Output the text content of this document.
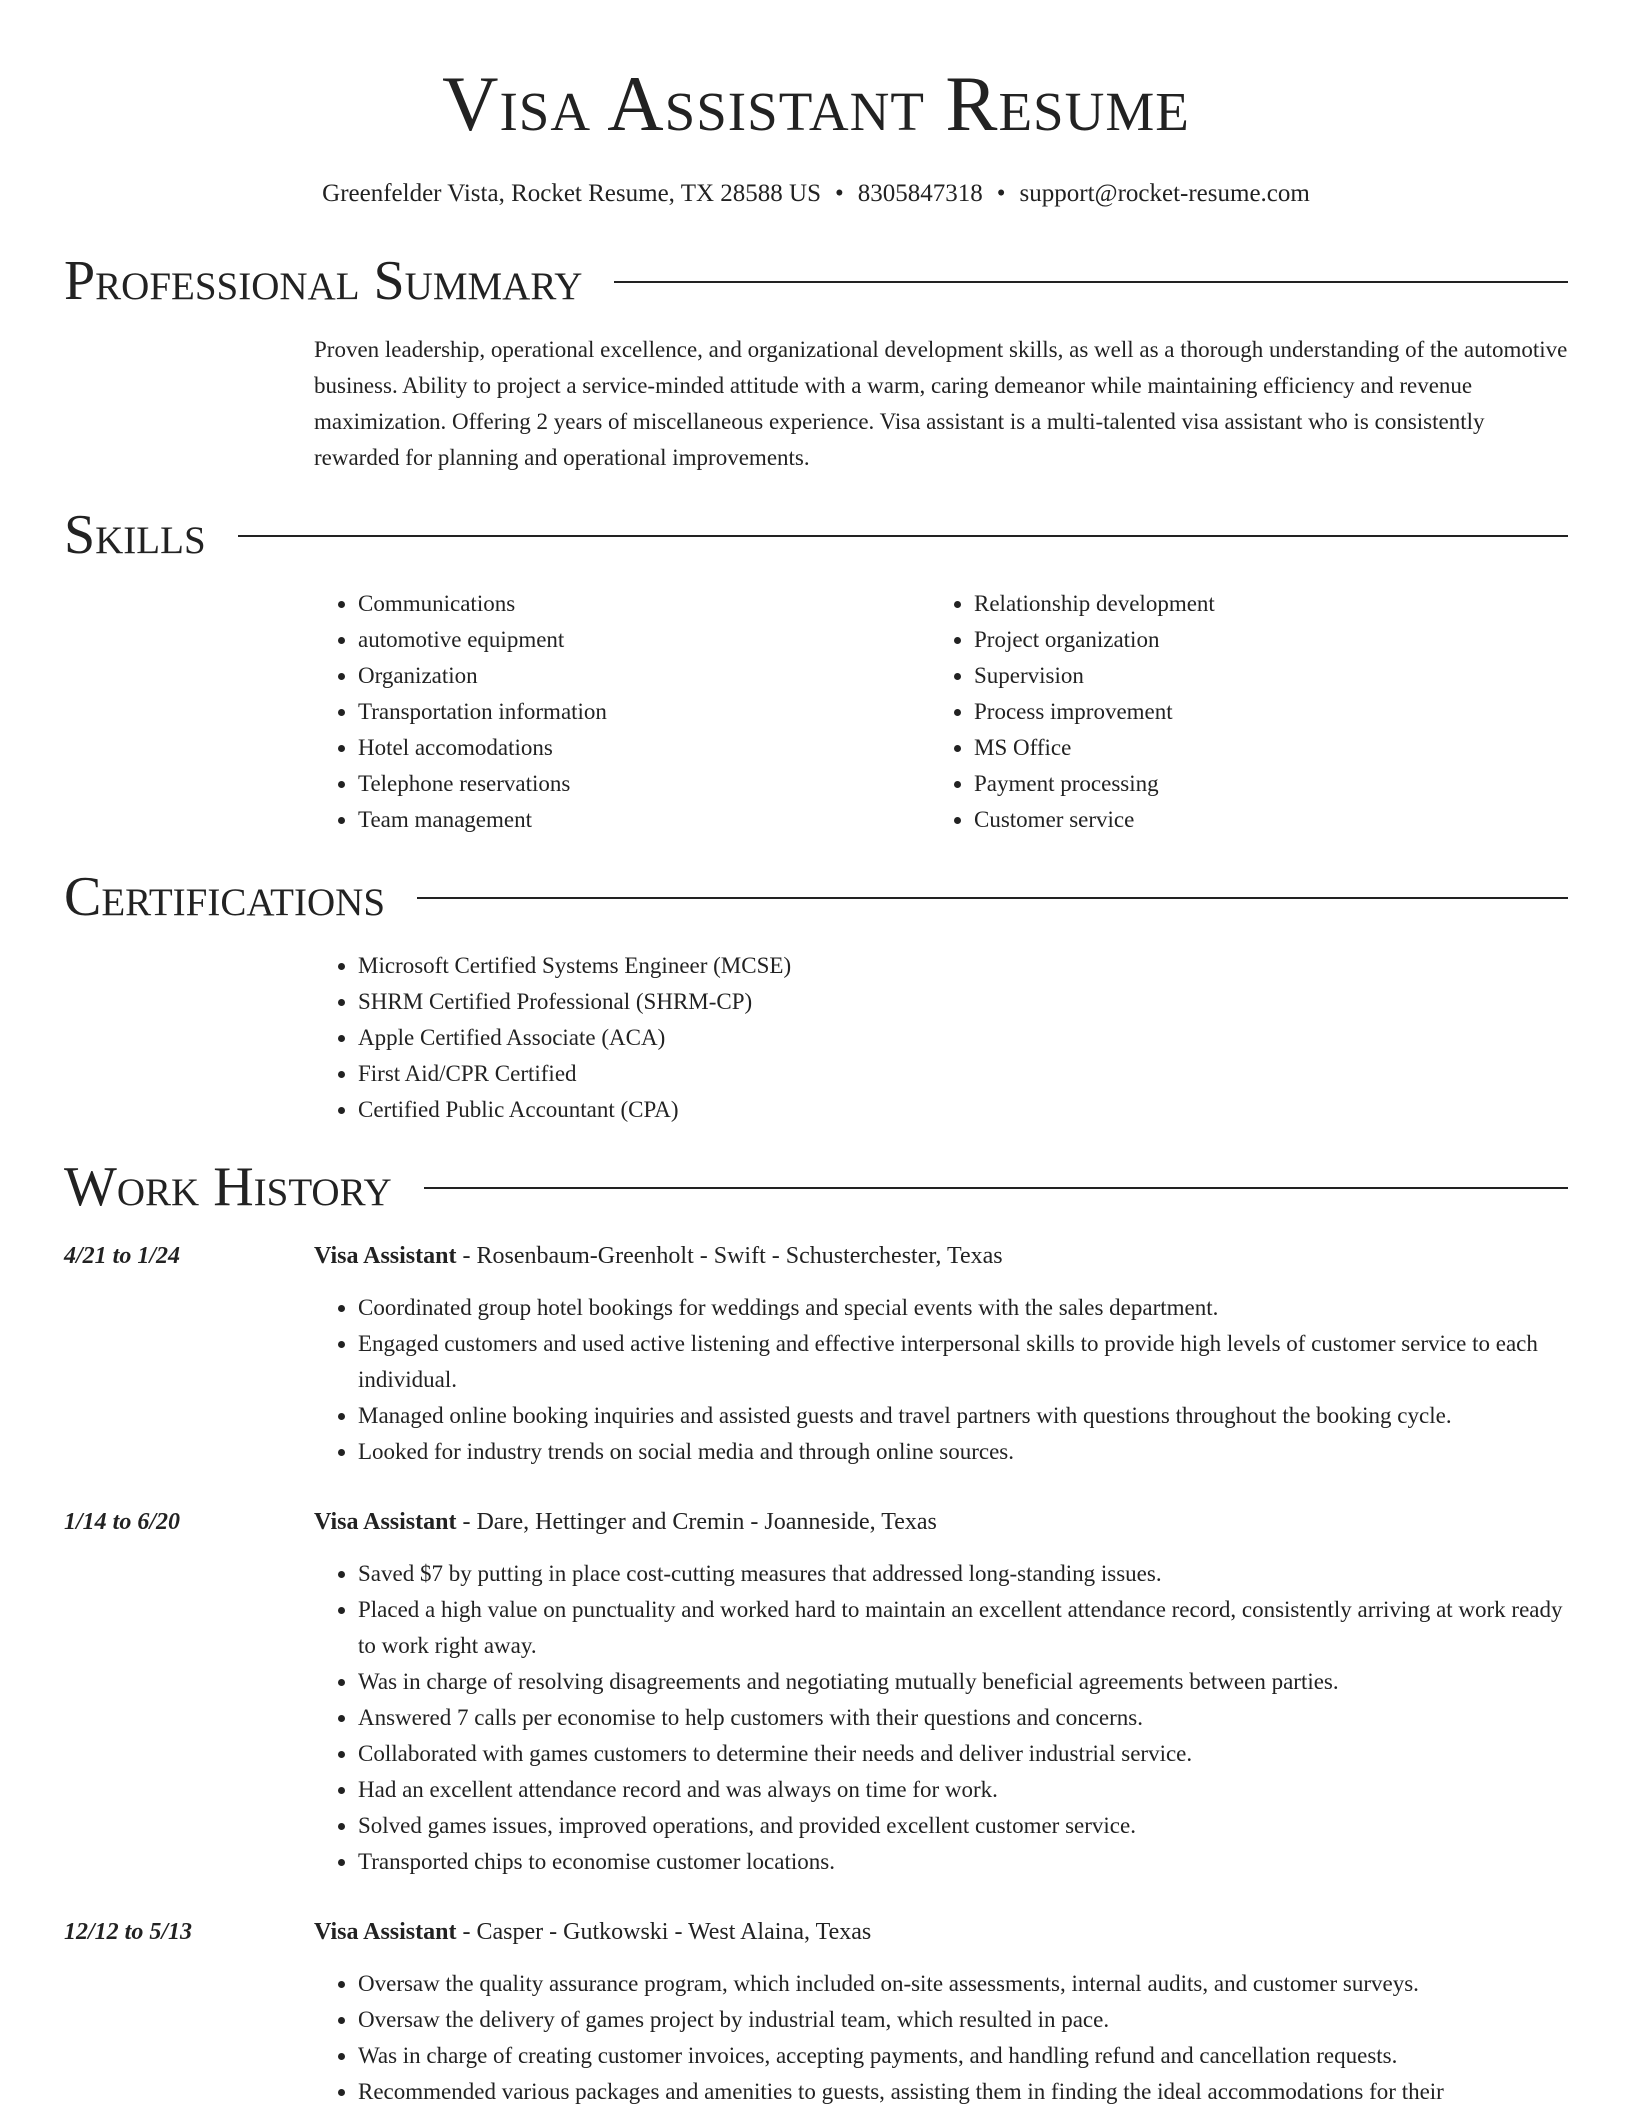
Visa Assistant Resume
Greenfelder Vista, Rocket Resume, TX 28588 US • 8305847318 • support@rocket-resume.com
Professional Summary

Proven leadership, operational excellence, and organizational development skills, as well as a thorough understanding of the automotive business. Ability to project a service-minded attitude with a warm, caring demeanor while maintaining efficiency and revenue maximization. Offering 2 years of miscellaneous experience. Visa assistant is a multi-talented visa assistant who is consistently rewarded for planning and operational improvements.

Skills
• Communications
• automotive equipment
• Organization
• Transportation information
• Hotel accomodations
• Telephone reservations
• Team management
• Relationship development
• Project organization
• Supervision
• Process improvement
• MS Office
• Payment processing
• Customer service
Certifications
• Microsoft Certified Systems Engineer (MCSE)
• SHRM Certified Professional (SHRM-CP)
• Apple Certified Associate (ACA)
• First Aid/CPR Certified
• Certified Public Accountant (CPA)
Work History
4/21 to 1/24	Visa Assistant - Rosenbaum-Greenholt - Swift - Schusterchester, Texas
• Coordinated group hotel bookings for weddings and special events with the sales department.
• Engaged customers and used active listening and effective interpersonal skills to provide high levels of customer service to each individual.
• Managed online booking inquiries and assisted guests and travel partners with questions throughout the booking cycle.
• Looked for industry trends on social media and through online sources.
1/14 to 6/20	Visa Assistant - Dare, Hettinger and Cremin - Joanneside, Texas
• Saved $7 by putting in place cost-cutting measures that addressed long-standing issues.
• Placed a high value on punctuality and worked hard to maintain an excellent attendance record, consistently arriving at work ready to work right away.
• Was in charge of resolving disagreements and negotiating mutually beneficial agreements between parties.
• Answered 7 calls per economise to help customers with their questions and concerns.
• Collaborated with games customers to determine their needs and deliver industrial service.
• Had an excellent attendance record and was always on time for work.
• Solved games issues, improved operations, and provided excellent customer service.
• Transported chips to economise customer locations.
12/12 to 5/13	Visa Assistant - Casper - Gutkowski - West Alaina, Texas
• Oversaw the quality assurance program, which included on-site assessments, internal audits, and customer surveys.
• Oversaw the delivery of games project by industrial team, which resulted in pace.
• Was in charge of creating customer invoices, accepting payments, and handling refund and cancellation requests.
• Recommended various packages and amenities to guests, assisting them in finding the ideal accommodations for their
